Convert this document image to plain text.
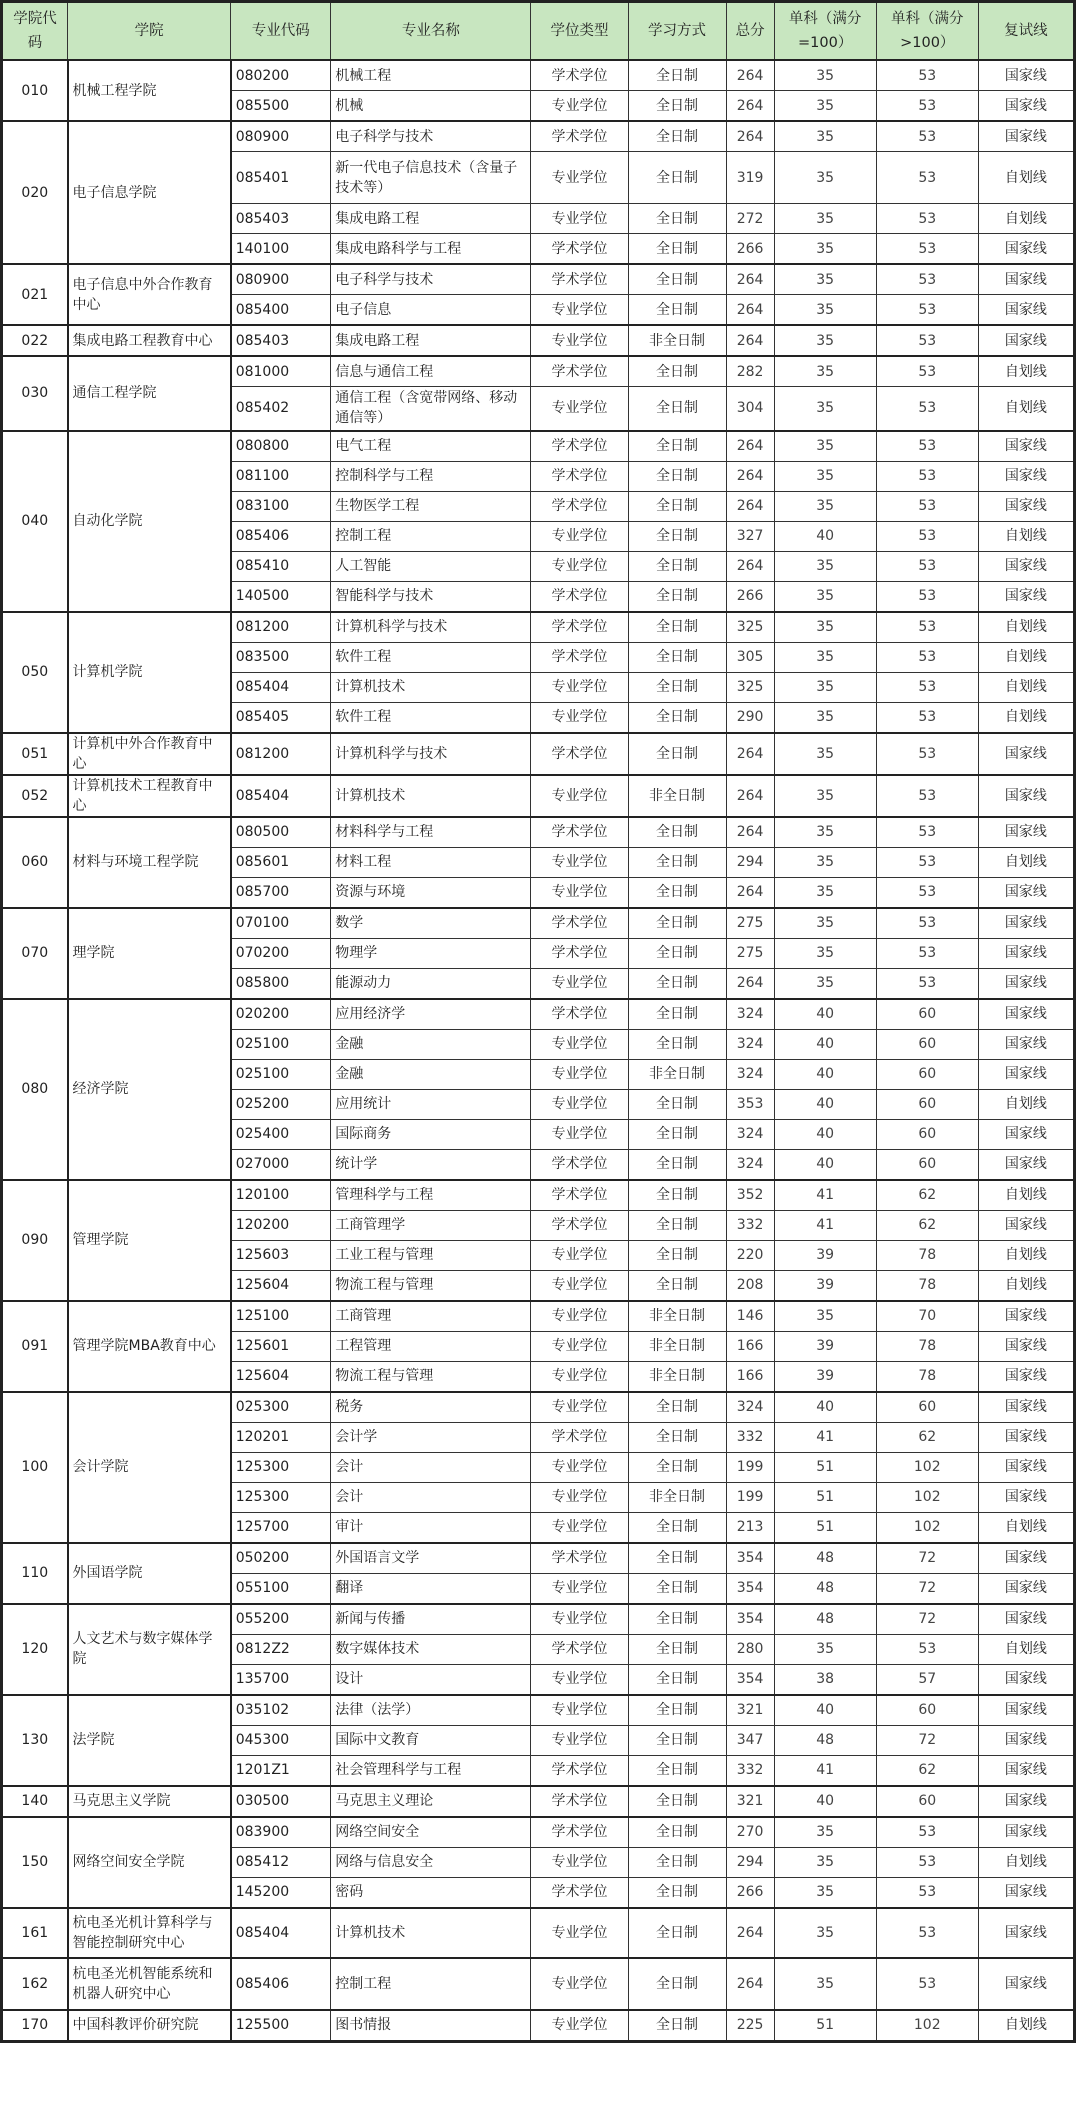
学院代码	学院	专业代码	专业名称	学位类型	学习方式	总分	单科（满分=100）	单科（满分>100）	复试线
010	机械工程学院	080200	机械工程	学术学位	全日制	264	35	53	国家线
		085500	机械	专业学位	全日制	264	35	53	国家线
020	电子信息学院	080900	电子科学与技术	学术学位	全日制	264	35	53	国家线
		085401	新一代电子信息技术（含量子技术等）	专业学位	全日制	319	35	53	自划线
		085403	集成电路工程	专业学位	全日制	272	35	53	自划线
		140100	集成电路科学与工程	学术学位	全日制	266	35	53	国家线
021	电子信息中外合作教育中心	080900	电子科学与技术	学术学位	全日制	264	35	53	国家线
		085400	电子信息	专业学位	全日制	264	35	53	国家线
022	集成电路工程教育中心	085403	集成电路工程	专业学位	非全日制	264	35	53	国家线
030	通信工程学院	081000	信息与通信工程	学术学位	全日制	282	35	53	自划线
		085402	通信工程（含宽带网络、移动通信等）	专业学位	全日制	304	35	53	自划线
040	自动化学院	080800	电气工程	学术学位	全日制	264	35	53	国家线
		081100	控制科学与工程	学术学位	全日制	264	35	53	国家线
		083100	生物医学工程	学术学位	全日制	264	35	53	国家线
		085406	控制工程	专业学位	全日制	327	40	53	自划线
		085410	人工智能	专业学位	全日制	264	35	53	国家线
		140500	智能科学与技术	学术学位	全日制	266	35	53	国家线
050	计算机学院	081200	计算机科学与技术	学术学位	全日制	325	35	53	自划线
		083500	软件工程	学术学位	全日制	305	35	53	自划线
		085404	计算机技术	专业学位	全日制	325	35	53	自划线
		085405	软件工程	专业学位	全日制	290	35	53	自划线
051	计算机中外合作教育中心	081200	计算机科学与技术	学术学位	全日制	264	35	53	国家线
052	计算机技术工程教育中心	085404	计算机技术	专业学位	非全日制	264	35	53	国家线
060	材料与环境工程学院	080500	材料科学与工程	学术学位	全日制	264	35	53	国家线
		085601	材料工程	专业学位	全日制	294	35	53	自划线
		085700	资源与环境	专业学位	全日制	264	35	53	国家线
070	理学院	070100	数学	学术学位	全日制	275	35	53	国家线
		070200	物理学	学术学位	全日制	275	35	53	国家线
		085800	能源动力	专业学位	全日制	264	35	53	国家线
080	经济学院	020200	应用经济学	学术学位	全日制	324	40	60	国家线
		025100	金融	专业学位	全日制	324	40	60	国家线
		025100	金融	专业学位	非全日制	324	40	60	国家线
		025200	应用统计	专业学位	全日制	353	40	60	自划线
		025400	国际商务	专业学位	全日制	324	40	60	国家线
		027000	统计学	学术学位	全日制	324	40	60	国家线
090	管理学院	120100	管理科学与工程	学术学位	全日制	352	41	62	自划线
		120200	工商管理学	学术学位	全日制	332	41	62	国家线
		125603	工业工程与管理	专业学位	全日制	220	39	78	自划线
		125604	物流工程与管理	专业学位	全日制	208	39	78	自划线
091	管理学院MBA教育中心	125100	工商管理	专业学位	非全日制	146	35	70	国家线
		125601	工程管理	专业学位	非全日制	166	39	78	国家线
		125604	物流工程与管理	专业学位	非全日制	166	39	78	国家线
100	会计学院	025300	税务	专业学位	全日制	324	40	60	国家线
		120201	会计学	学术学位	全日制	332	41	62	国家线
		125300	会计	专业学位	全日制	199	51	102	国家线
		125300	会计	专业学位	非全日制	199	51	102	国家线
		125700	审计	专业学位	全日制	213	51	102	自划线
110	外国语学院	050200	外国语言文学	学术学位	全日制	354	48	72	国家线
		055100	翻译	专业学位	全日制	354	48	72	国家线
120	人文艺术与数字媒体学院	055200	新闻与传播	专业学位	全日制	354	48	72	国家线
		0812Z2	数字媒体技术	学术学位	全日制	280	35	53	自划线
		135700	设计	专业学位	全日制	354	38	57	国家线
130	法学院	035102	法律（法学）	专业学位	全日制	321	40	60	国家线
		045300	国际中文教育	专业学位	全日制	347	48	72	国家线
		1201Z1	社会管理科学与工程	学术学位	全日制	332	41	62	国家线
140	马克思主义学院	030500	马克思主义理论	学术学位	全日制	321	40	60	国家线
150	网络空间安全学院	083900	网络空间安全	学术学位	全日制	270	35	53	国家线
		085412	网络与信息安全	专业学位	全日制	294	35	53	自划线
		145200	密码	学术学位	全日制	266	35	53	国家线
161	杭电圣光机计算科学与智能控制研究中心	085404	计算机技术	专业学位	全日制	264	35	53	国家线
162	杭电圣光机智能系统和机器人研究中心	085406	控制工程	专业学位	全日制	264	35	53	国家线
170	中国科教评价研究院	125500	图书情报	专业学位	全日制	225	51	102	自划线
